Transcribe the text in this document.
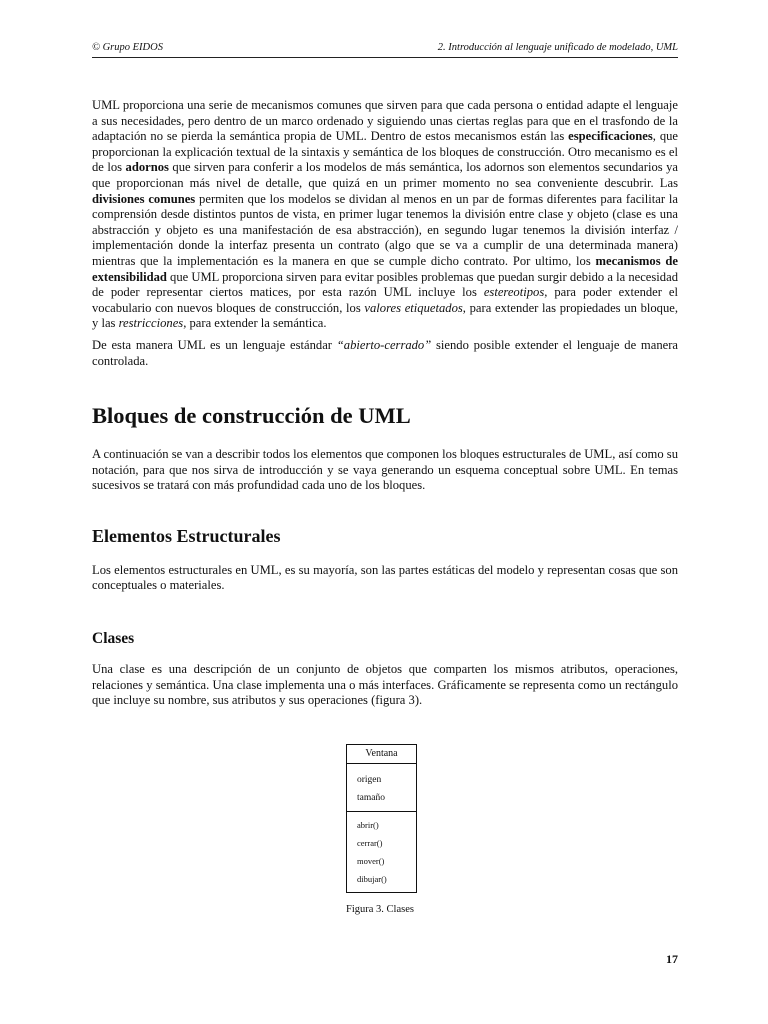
© Grupo EIDOS	2. Introducción al lenguaje unificado de modelado, UML

UML proporciona una serie de mecanismos comunes que sirven para que cada persona o entidad adapte el lenguaje a sus necesidades, pero dentro de un marco ordenado y siguiendo unas ciertas reglas para que en el trasfondo de la adaptación no se pierda la semántica propia de UML. Dentro de estos mecanismos están las especificaciones, que proporcionan la explicación textual de la sintaxis y semántica de los bloques de construcción. Otro mecanismo es el de los adornos que sirven para conferir a los modelos de más semántica, los adornos son elementos secundarios ya que proporcionan más nivel de detalle, que quizá en un primer momento no sea conveniente descubrir. Las divisiones comunes permiten que los modelos se dividan al menos en un par de formas diferentes para facilitar la comprensión desde distintos puntos de vista, en primer lugar tenemos la división entre clase y objeto (clase es una abstracción y objeto es una manifestación de esa abstracción), en segundo lugar tenemos la división interfaz / implementación donde la interfaz presenta un contrato (algo que se va a cumplir de una determinada manera) mientras que la implementación es la manera en que se cumple dicho contrato. Por ultimo, los mecanismos de extensibilidad que UML proporciona sirven para evitar posibles problemas que puedan surgir debido a la necesidad de poder representar ciertos matices, por esta razón UML incluye los estereotipos, para poder extender el vocabulario con nuevos bloques de construcción, los valores etiquetados, para extender las propiedades un bloque, y las restricciones, para extender la semántica.

De esta manera UML es un lenguaje estándar “abierto-cerrado” siendo posible extender el lenguaje de manera controlada.

Bloques de construcción de UML

A continuación se van a describir todos los elementos que componen los bloques estructurales de UML, así como su notación, para que nos sirva de introducción y se vaya generando un esquema conceptual sobre UML. En temas sucesivos se tratará con más profundidad cada uno de los bloques.

Elementos Estructurales

Los elementos estructurales en UML, es su mayoría, son las partes estáticas del modelo y representan cosas que son conceptuales o materiales.

Clases

Una clase es una descripción de un conjunto de objetos que comparten los mismos atributos, operaciones, relaciones y semántica. Una clase implementa una o más interfaces. Gráficamente se representa como un rectángulo que incluye su nombre, sus atributos y sus operaciones (figura 3).

Ventana
origen
tamaño
abrir()
cerrar()
mover()
dibujar()
Figura 3. Clases
17
